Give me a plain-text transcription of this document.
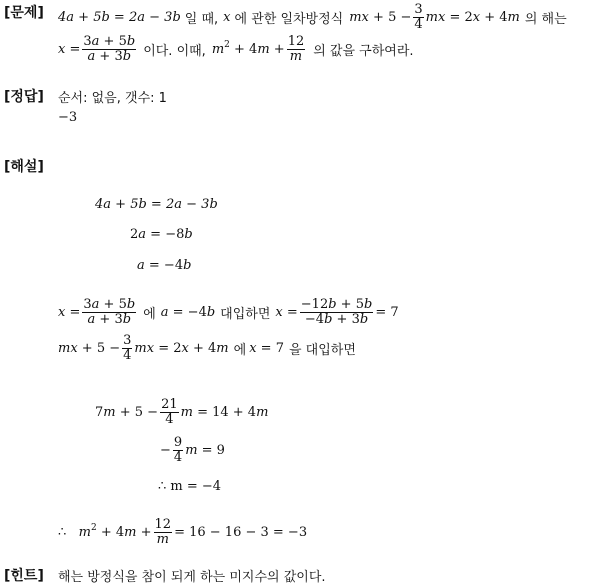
[문제]
[정답]
[해설]
[힌트]
4a + 5b = 2a − 3b 일 때, x 에 관한 일차방정식 mx + $5 - \frac{3}{4}$ mx = 2x + 4m 의 해는
$x = \frac{3a + 5b}{a + 3b}$ 이다. 이때, $m^2 + 4m + \frac{12}{m}$ 의 값을 구하여라.
순서: 없음, 갯수: 1
−3
4a + 5b = 2a − 3b
2a = −8b
a = −4b
$x = \frac{3a + 5b}{a + 3b}$ 에 a = −4b 대입하면 $x = \frac{-12b + 5b}{-4b + 3b} = 7$
mx + $5 - \frac{3}{4}$ mx = 2x + 4m 에 x = 7 을 대입하면
$7m + 5 - \frac{21}{4}$ m = 14 + 4m
− $\frac{9}{4}$ m = 9
∴ m = −4
∴   $m^2 + 4m + \frac{12}{m} = 16 - 16 - 3 = -3$
해는 방정식을 참이 되게 하는 미지수의 값이다.
